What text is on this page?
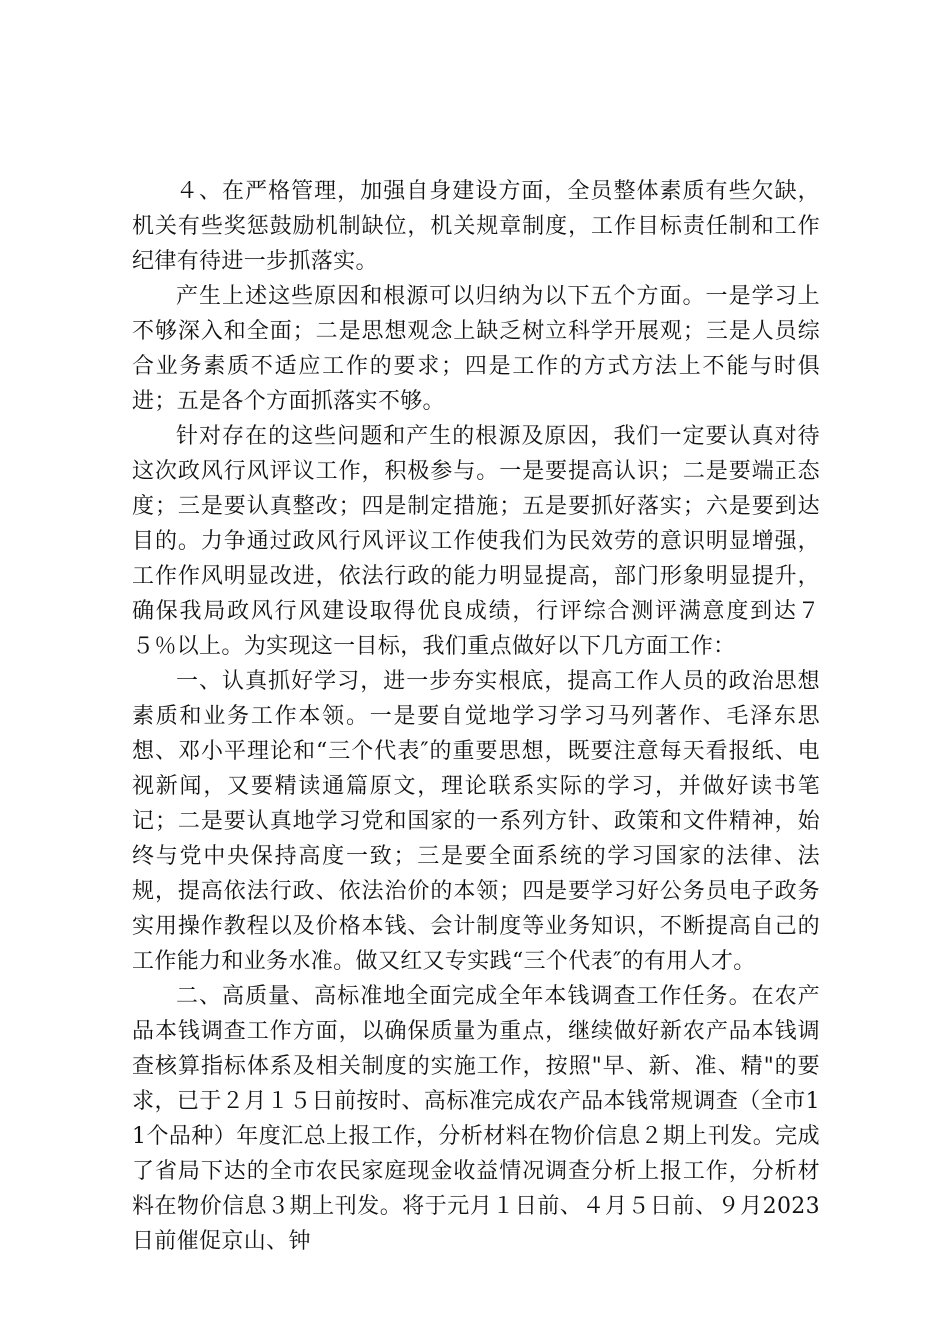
４、在严格管理，加强自身建设方面，全员整体素质有些欠缺，机关有些奖惩鼓励机制缺位，机关规章制度，工作目标责任制和工作纪律有待进一步抓落实。

产生上述这些原因和根源可以归纳为以下五个方面。一是学习上不够深入和全面；二是思想观念上缺乏树立科学开展观；三是人员综合业务素质不适应工作的要求；四是工作的方式方法上不能与时俱进；五是各个方面抓落实不够。

针对存在的这些问题和产生的根源及原因，我们一定要认真对待这次政风行风评议工作，积极参与。一是要提高认识；二是要端正态度；三是要认真整改；四是制定措施；五是要抓好落实；六是要到达目的。力争通过政风行风评议工作使我们为民效劳的意识明显增强，工作作风明显改进，依法行政的能力明显提高，部门形象明显提升，确保我局政风行风建设取得优良成绩，行评综合测评满意度到达７５％以上。为实现这一目标，我们重点做好以下几方面工作：

一、认真抓好学习，进一步夯实根底，提高工作人员的政治思想素质和业务工作本领。一是要自觉地学习学习马列著作、毛泽东思想、邓小平理论和“三个代表″的重要思想，既要注意每天看报纸、电视新闻，又要精读通篇原文，理论联系实际的学习，并做好读书笔记；二是要认真地学习党和国家的一系列方针、政策和文件精神，始终与党中央保持高度一致；三是要全面系统的学习国家的法律、法规，提高依法行政、依法治价的本领；四是要学习好公务员电子政务实用操作教程以及价格本钱、会计制度等业务知识，不断提高自己的工作能力和业务水准。做又红又专实践“三个代表″的有用人才。

二、高质量、高标准地全面完成全年本钱调查工作任务。在农产品本钱调查工作方面，以确保质量为重点，继续做好新农产品本钱调查核算指标体系及相关制度的实施工作，按照"早、新、准、精"的要求，已于２月１５日前按时、高标准完成农产品本钱常规调查（全市11个品种）年度汇总上报工作，分析材料在物价信息２期上刊发。完成了省局下达的全市农民家庭现金收益情况调查分析上报工作，分析材料在物价信息３期上刊发。将于元月１日前、４月５日前、９月2023日前催促京山、钟
